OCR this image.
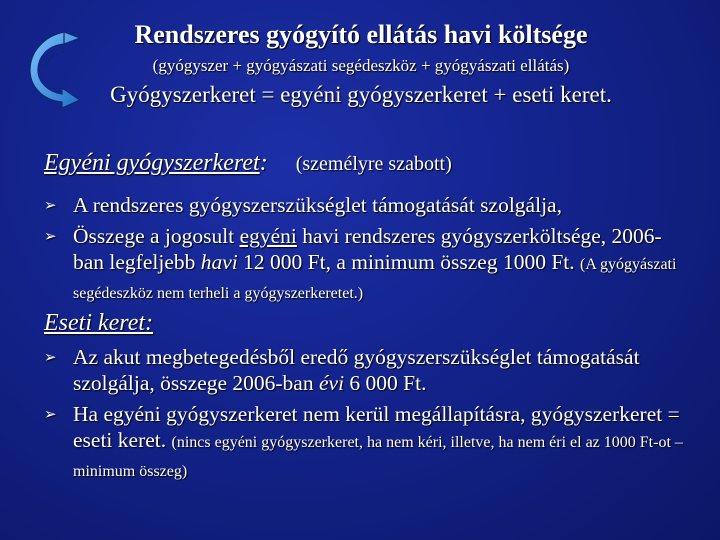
Rendszeres gyógyító ellátás havi költsége
(gyógyszer + gyógyászati segédeszköz + gyógyászati ellátás)
Gyógyszerkeret = egyéni gyógyszerkeret + eseti keret.
Egyéni gyógyszerkeret: (személyre szabott)
➢ A rendszeres gyógyszerszükséglet támogatását szolgálja,
➢ Összege a jogosult egyéni havi rendszeres gyógyszerköltsége, 2006-ban legfeljebb havi 12 000 Ft, a minimum összeg 1000 Ft. (A gyógyászati segédeszköz nem terheli a gyógyszerkeretet.)
Eseti keret:
➢ Az akut megbetegedésből eredő gyógyszerszükséglet támogatását szolgálja, összege 2006-ban évi 6 000 Ft.
➢ Ha egyéni gyógyszerkeret nem kerül megállapításra, gyógyszerkeret = eseti keret. (nincs egyéni gyógyszerkeret, ha nem kéri, illetve, ha nem éri el az 1000 Ft-ot – minimum összeg)
